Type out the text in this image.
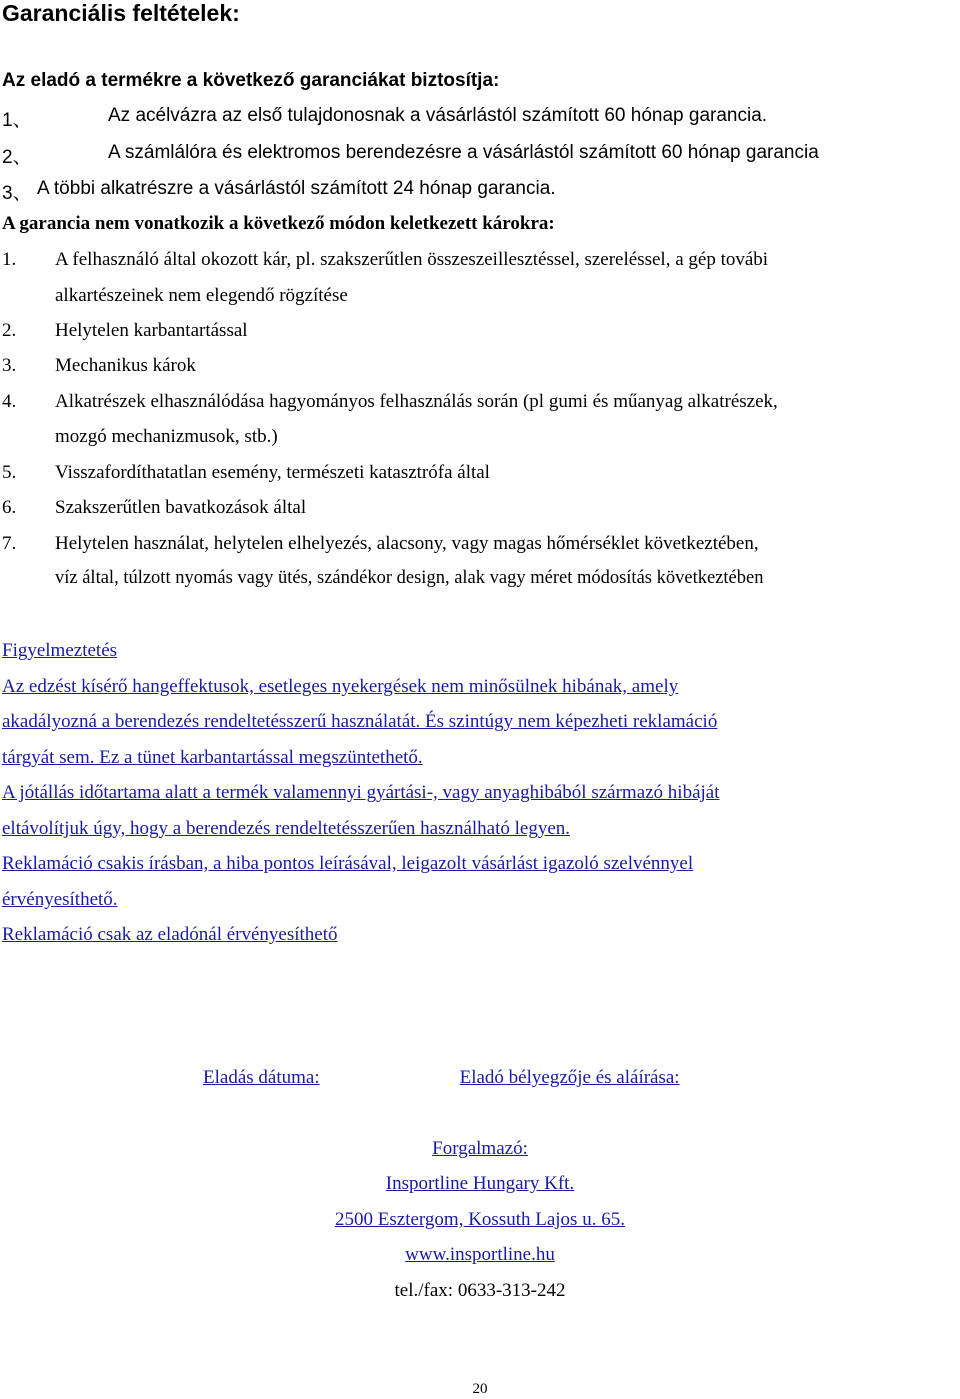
Garanciális feltételek:
Az eladó a termékre a következő garanciákat biztosítja:
1、	Az acélvázra az első tulajdonosnak a vásárlástól számított 60 hónap garancia.
2、	A számlálóra és elektromos berendezésre a vásárlástól számított 60 hónap garancia
3、 A többi alkatrészre a vásárlástól számított 24 hónap garancia.
A garancia nem vonatkozik a következő módon keletkezett károkra:
1. A felhasználó által okozott kár, pl. szakszerűtlen összeszeillesztéssel, szereléssel, a gép továbi
alkartészeinek nem elegendő rögzítése
2. Helytelen karbantartással
3. Mechanikus károk
4. Alkatrészek elhasználódása hagyományos felhasználás során (pl gumi és műanyag alkatrészek,
mozgó mechanizmusok, stb.)
5. Visszafordíthatatlan esemény, természeti katasztrófa által
6. Szakszerűtlen bavatkozások által
7. Helytelen használat, helytelen elhelyezés, alacsony, vagy magas hőmérséklet következtében,
víz által, túlzott nyomás vagy ütés, szándékor design, alak vagy méret módosítás következtében
Figyelmeztetés
Az edzést kísérő hangeffektusok, esetleges nyekergések nem minősülnek hibának, amely
akadályozná a berendezés rendeltetésszerű használatát. És szintúgy nem képezheti reklamáció
tárgyát sem. Ez a tünet karbantartással megszüntethető.
A jótállás időtartama alatt a termék valamennyi gyártási-, vagy anyaghibából származó hibáját
eltávolítjuk úgy, hogy a berendezés rendeltetésszerűen használható legyen.
Reklamáció csakis írásban, a hiba pontos leírásával, leigazolt vásárlást igazoló szelvénnyel
érvényesíthető.
Reklamáció csak az eladónál érvényesíthető
Eladás dátuma:	Eladó bélyegzője és aláírása:
Forgalmazó:
Insportline Hungary Kft.
2500 Esztergom, Kossuth Lajos u. 65.
www.insportline.hu
tel./fax: 0633-313-242
20
